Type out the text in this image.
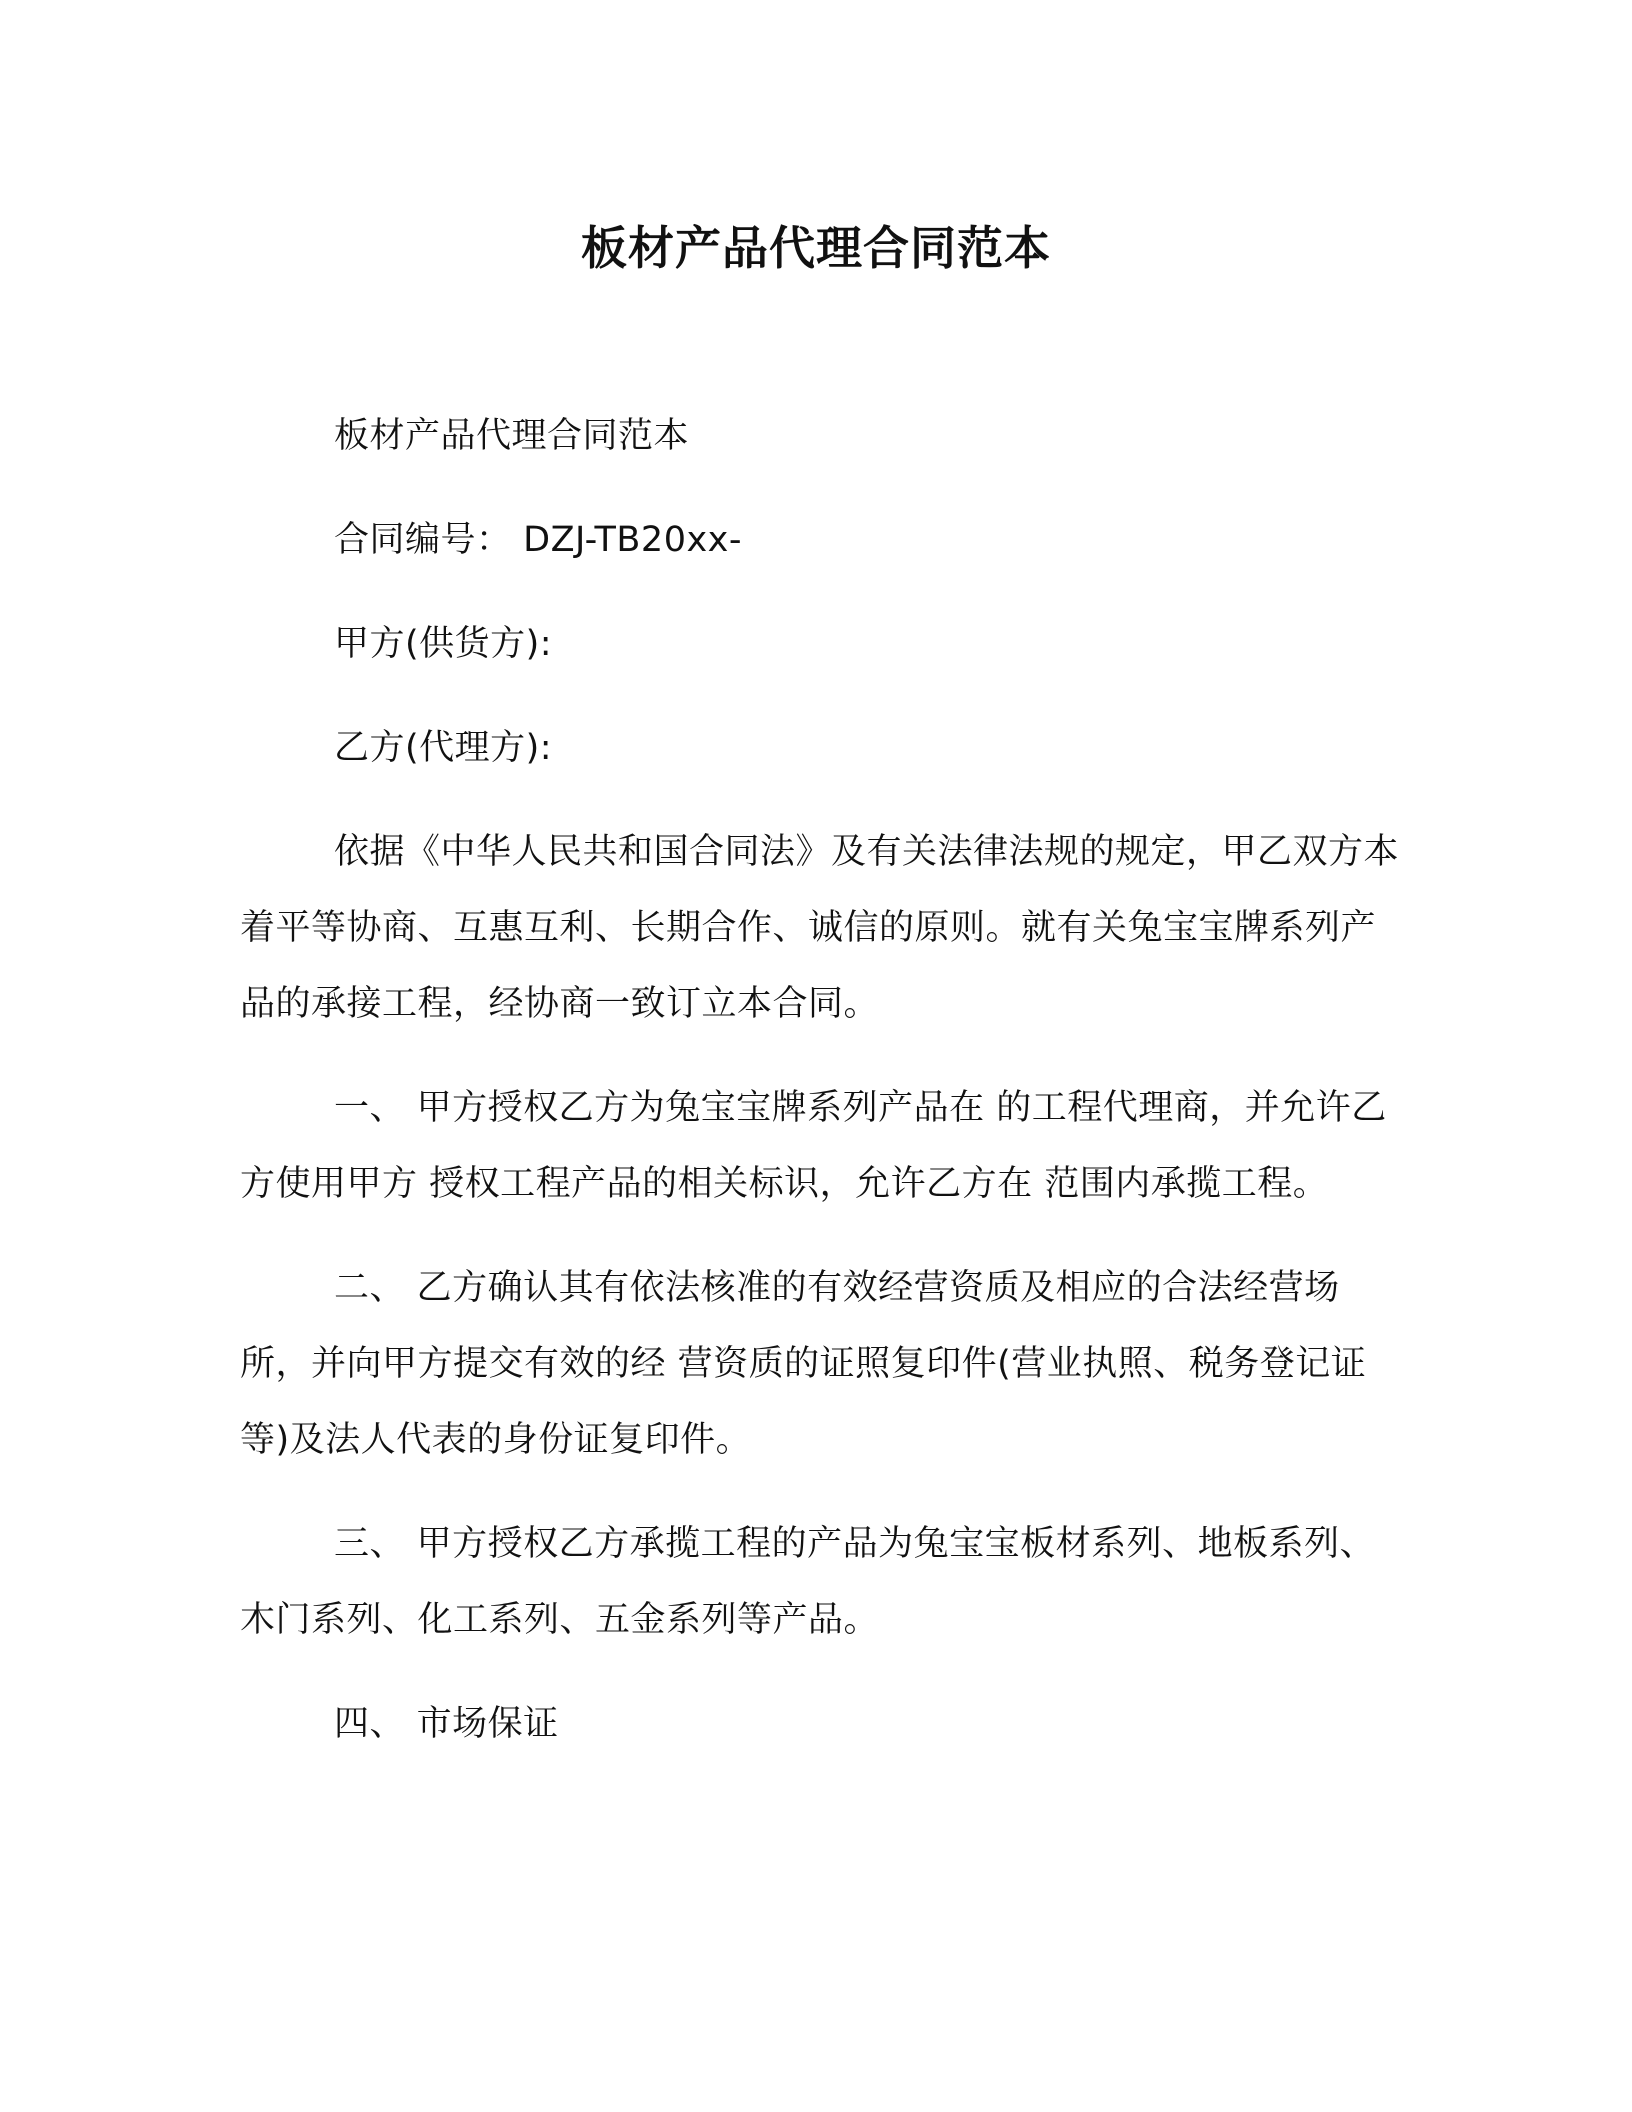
板材产品代理合同范本

板材产品代理合同范本

合同编号： DZJ-TB20xx-

甲方(供货方):

乙方(代理方):

依据《中华人民共和国合同法》及有关法律法规的规定，甲乙双方本着平等协商、互惠互利、长期合作、诚信的原则。就有关兔宝宝牌系列产品的承接工程，经协商一致订立本合同。

一、 甲方授权乙方为兔宝宝牌系列产品在 的工程代理商，并允许乙方使用甲方 授权工程产品的相关标识，允许乙方在 范围内承揽工程。

二、 乙方确认其有依法核准的有效经营资质及相应的合法经营场所，并向甲方提交有效的经 营资质的证照复印件(营业执照、税务登记证等)及法人代表的身份证复印件。

三、 甲方授权乙方承揽工程的产品为兔宝宝板材系列、地板系列、木门系列、化工系列、五金系列等产品。

四、 市场保证
